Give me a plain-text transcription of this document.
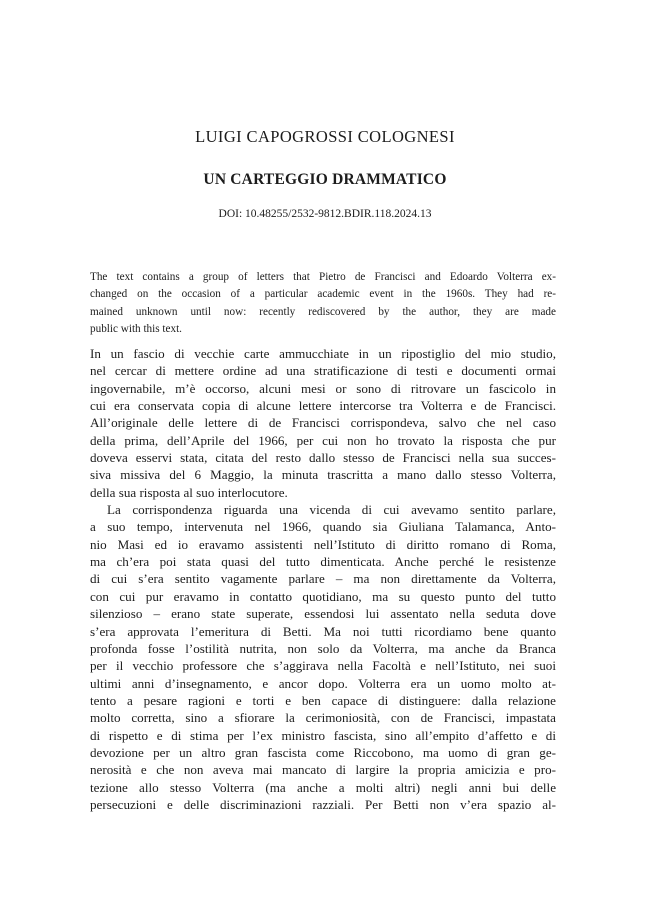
LUIGI CAPOGROSSI COLOGNESI
UN CARTEGGIO DRAMMATICO
DOI: 10.48255/2532-9812.BDIR.118.2024.13
The text contains a group of letters that Pietro de Francisci and Edoardo Volterra ex-
changed on the occasion of a particular academic event in the 1960s. They had re-
mained unknown until now: recently rediscovered by the author, they are made
public with this text.
In un fascio di vecchie carte ammucchiate in un ripostiglio del mio studio,
nel cercar di mettere ordine ad una stratificazione di testi e documenti ormai
ingovernabile, m’è occorso, alcuni mesi or sono di ritrovare un fascicolo in
cui era conservata copia di alcune lettere intercorse tra Volterra e de Francisci.
All’originale delle lettere di de Francisci corrispondeva, salvo che nel caso
della prima, dell’Aprile del 1966, per cui non ho trovato la risposta che pur
doveva esservi stata, citata del resto dallo stesso de Francisci nella sua succes-
siva missiva del 6 Maggio, la minuta trascritta a mano dallo stesso Volterra,
della sua risposta al suo interlocutore.
La corrispondenza riguarda una vicenda di cui avevamo sentito parlare,
a suo tempo, intervenuta nel 1966, quando sia Giuliana Talamanca, Anto-
nio Masi ed io eravamo assistenti nell’Istituto di diritto romano di Roma,
ma ch’era poi stata quasi del tutto dimenticata. Anche perché le resistenze
di cui s’era sentito vagamente parlare – ma non direttamente da Volterra,
con cui pur eravamo in contatto quotidiano, ma su questo punto del tutto
silenzioso – erano state superate, essendosi lui assentato nella seduta dove
s’era approvata l’emeritura di Betti. Ma noi tutti ricordiamo bene quanto
profonda fosse l’ostilità nutrita, non solo da Volterra, ma anche da Branca
per il vecchio professore che s’aggirava nella Facoltà e nell’Istituto, nei suoi
ultimi anni d’insegnamento, e ancor dopo. Volterra era un uomo molto at-
tento a pesare ragioni e torti e ben capace di distinguere: dalla relazione
molto corretta, sino a sfiorare la cerimoniosità, con de Francisci, impastata
di rispetto e di stima per l’ex ministro fascista, sino all’empito d’affetto e di
devozione per un altro gran fascista come Riccobono, ma uomo di gran ge-
nerosità e che non aveva mai mancato di largire la propria amicizia e pro-
tezione allo stesso Volterra (ma anche a molti altri) negli anni bui delle
persecuzioni e delle discriminazioni razziali. Per Betti non v’era spazio al-
